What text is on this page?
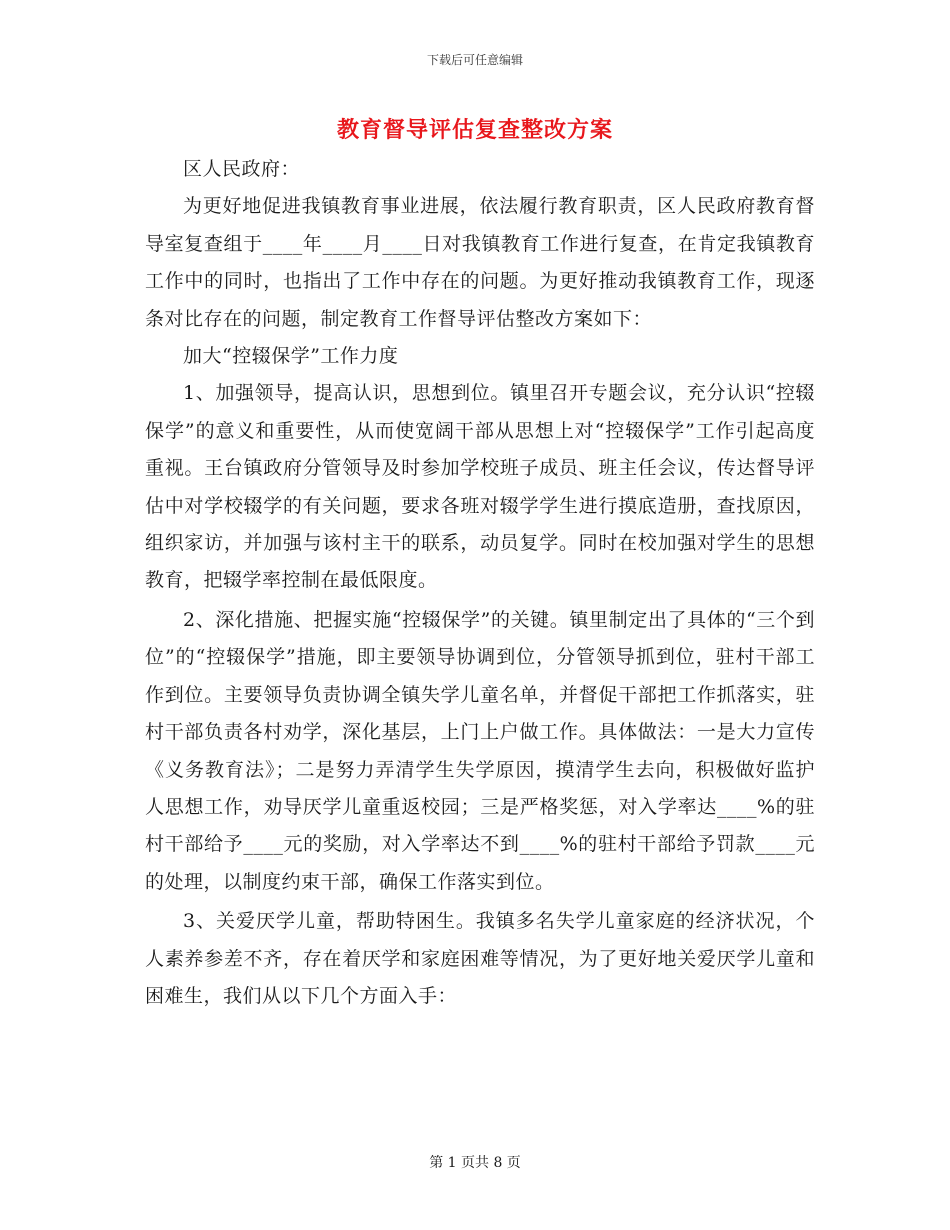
下载后可任意编辑
教育督导评估复查整改方案

区人民政府：

为更好地促进我镇教育事业进展，依法履行教育职责，区人民政府教育督导室复查组于____年____月____日对我镇教育工作进行复查，在肯定我镇教育工作中的同时，也指出了工作中存在的问题。为更好推动我镇教育工作，现逐条对比存在的问题，制定教育工作督导评估整改方案如下：

加大“控辍保学”工作力度

1、加强领导，提高认识，思想到位。镇里召开专题会议，充分认识“控辍保学”的意义和重要性，从而使宽阔干部从思想上对“控辍保学”工作引起高度重视。王台镇政府分管领导及时参加学校班子成员、班主任会议，传达督导评估中对学校辍学的有关问题，要求各班对辍学学生进行摸底造册，查找原因，组织家访，并加强与该村主干的联系，动员复学。同时在校加强对学生的思想教育，把辍学率控制在最低限度。

2、深化措施、把握实施“控辍保学”的关键。镇里制定出了具体的“三个到位”的“控辍保学”措施，即主要领导协调到位，分管领导抓到位，驻村干部工作到位。主要领导负责协调全镇失学儿童名单，并督促干部把工作抓落实，驻村干部负责各村劝学，深化基层，上门上户做工作。具体做法：一是大力宣传《义务教育法》；二是努力弄清学生失学原因，摸清学生去向，积极做好监护人思想工作，劝导厌学儿童重返校园；三是严格奖惩，对入学率达____%的驻村干部给予____元的奖励，对入学率达不到____%的驻村干部给予罚款____元的处理，以制度约束干部，确保工作落实到位。

3、关爱厌学儿童，帮助特困生。我镇多名失学儿童家庭的经济状况，个人素养参差不齐，存在着厌学和家庭困难等情况，为了更好地关爱厌学儿童和困难生，我们从以下几个方面入手：

第 1 页共 8 页
